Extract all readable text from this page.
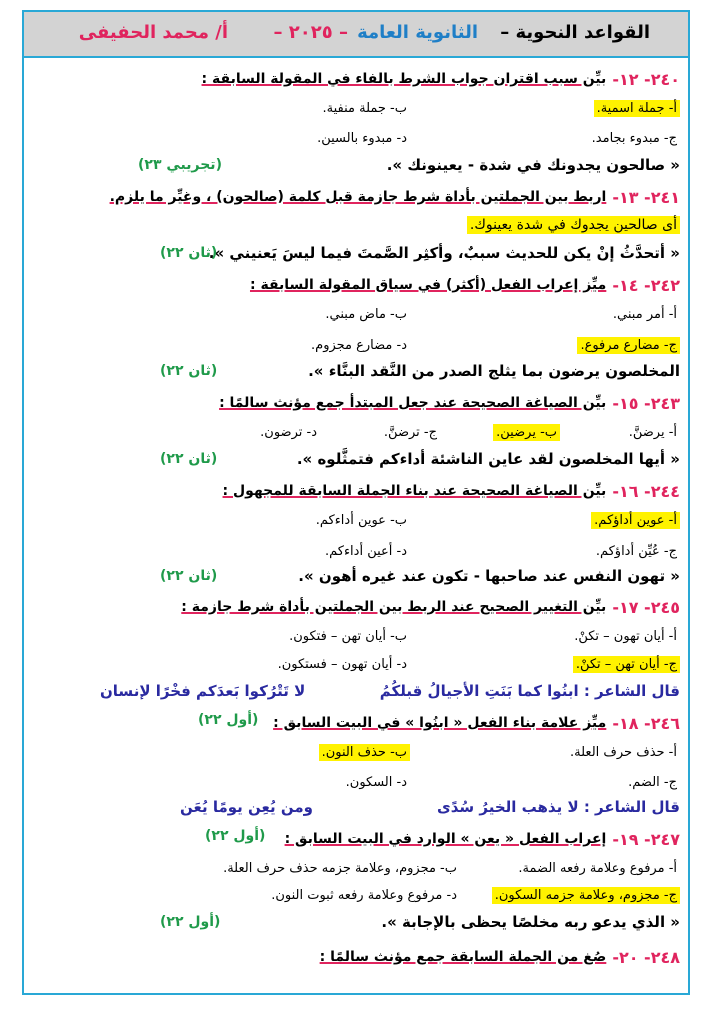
القواعد النحوية –
الثانوية العامة
– ٢٠٢٥ –
أ/ محمد الحفيفى
٢٤٠- ١٢-
بيِّن سبب اقتران جواب الشرط بالفاء في المقولة السابقة :
أ- جملة اسمية.
ب- جملة منفية.
ج- مبدوء بجامد.
د- مبدوء بالسين.
« صالحون يجدونك في شدة - يعينونك ».
(تجريبي ٢٣)
٢٤١- ١٣-
اربط بين الجملتين بأداة شرط جازمة قبل كلمة (صالحون) ، وغيِّر ما يلزم.
أى صالحين يجدوك في شدة يعينوك.
« أتحدَّثُ إنْ يكن للحديث سببٌ، وأكثِر الصَّمتَ فيما ليسَ يَعنيني ».
(ثان ٢٢)
٢٤٢- ١٤-
ميِّز إعراب الفعل (أكثر) في سياق المقولة السابقة :
أ- أمر مبني.
ب- ماض مبني.
ج- مضارع مرفوع.
د- مضارع مجزوم.
المخلصون يرضون بما يثلج الصدر من النَّقد البنَّاء ».
(ثان ٢٢)
٢٤٣- ١٥-
بيِّن الصياغة الصحيحة عند جعل المبتدأ جمع مؤنث سالمًا :
أ- يرضنَّ.
ب- يرضين.
ج- ترضنَّ.
د- ترضون.
« أيها المخلصون لقد عاين الناشئة أداءكم فتمثَّلوه ».
(ثان ٢٢)
٢٤٤- ١٦-
بيِّن الصياغة الصحيحة عند بناء الجملة السابقة للمجهول :
أ- عوين أداؤكم.
ب- عوين أداءكم.
ج- عُيِّن أداؤكم.
د- أعين أداءكم.
« تهون النفس عند صاحبها - تكون عند غيره أهون ».
(ثان ٢٢)
٢٤٥- ١٧-
بيِّن التغيير الصحيح عند الربط بين الجملتين بأداة شرط جازمة :
أ- أيان تهون – تكنْ.
ب- أيان تهن – فتكون.
ج- أيان تهن – تكنْ.
د- أيان تهون – فستكون.
قال الشاعر : ابنُوا كما بَنَتِ الأجيالُ قبلكُمُ
لا تَتْرُكوا بَعدَكم فخْرًا لإنسان
٢٤٦- ١٨-
ميِّز علامة بناء الفعل « ابنُوا » في البيت السابق :
(أول ٢٢)
أ- حذف حرف العلة.
ب- حذف النون.
ج- الضم.
د- السكون.
قال الشاعر : لا يذهب الخيرُ سُدًى
ومن يُعِن يومًا يُعَن
٢٤٧- ١٩-
إعراب الفعل « يعن » الوارد في البيت السابق :
(أول ٢٢)
أ- مرفوع وعلامة رفعه الضمة.
ب- مجزوم، وعلامة جزمه حذف حرف العلة.
ج- مجزوم، وعلامة جزمه السكون.
د- مرفوع وعلامة رفعه ثبوت النون.
« الذي يدعو ربه مخلصًا يحظى بالإجابة ».
(أول ٢٢)
٢٤٨- ٢٠-
صُغ من الجملة السابقة جمع مؤنث سالمًا :
